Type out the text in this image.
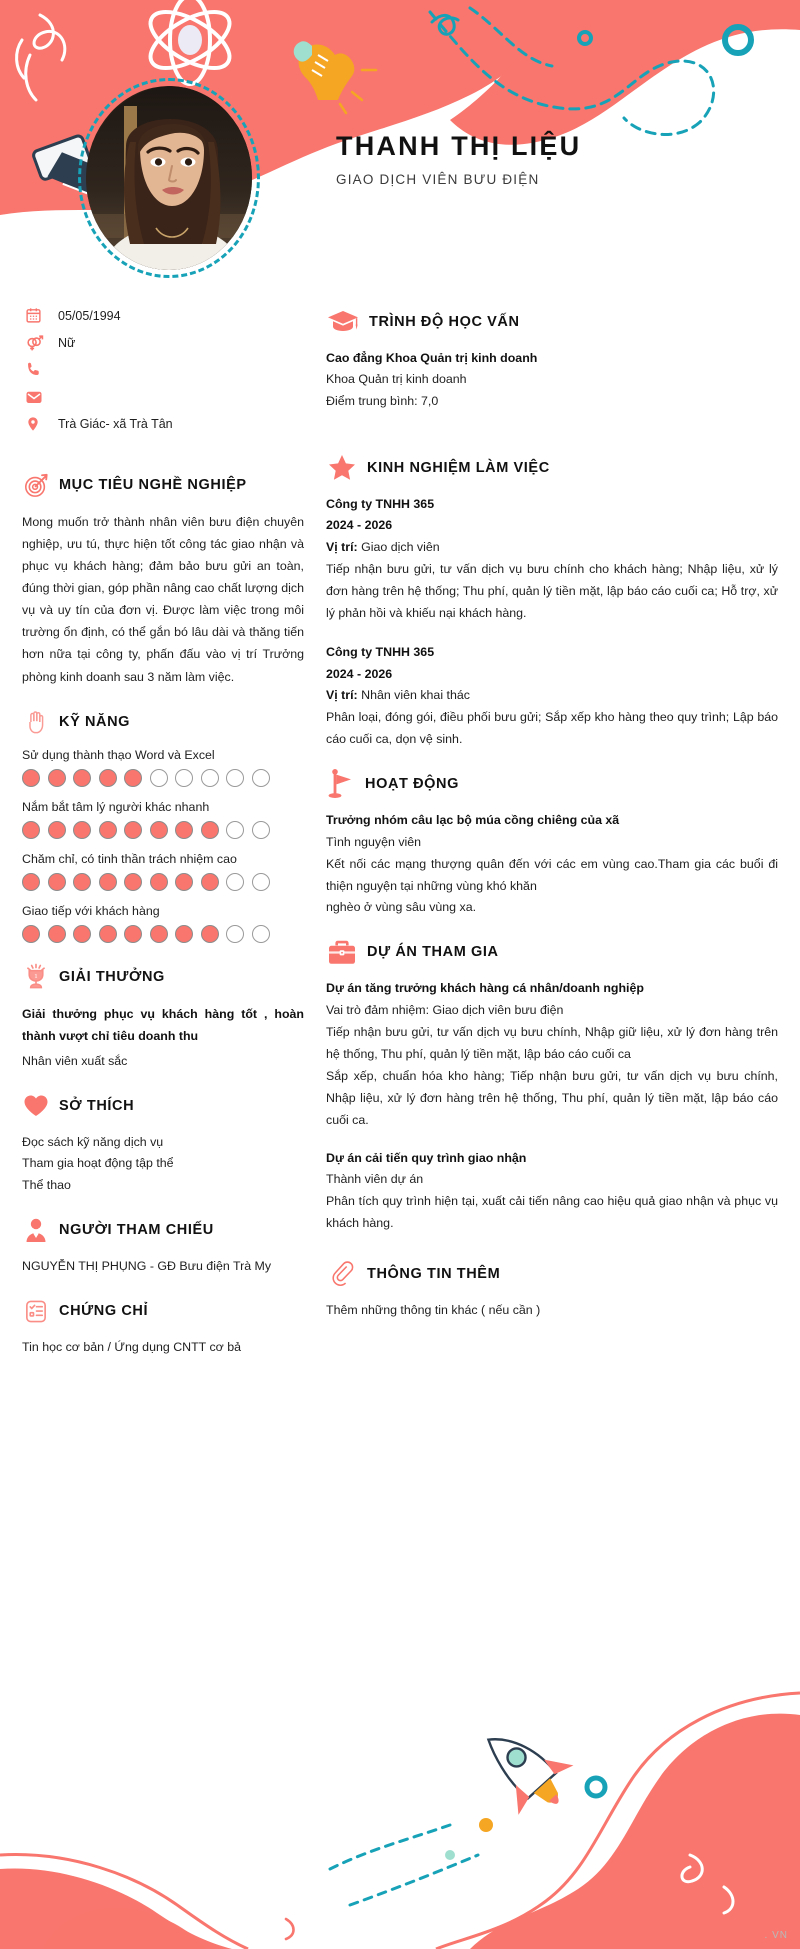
THANH THỊ LIỆU
GIAO DỊCH VIÊN BƯU ĐIỆN
05/05/1994
Nữ
Trà Giác- xã Trà Tân
MỤC TIÊU NGHỀ NGHIỆP
Mong muốn trở thành nhân viên bưu điện chuyên nghiệp, ưu tú, thực hiện tốt công tác giao nhận và phục vụ khách hàng; đảm bảo bưu gửi an toàn, đúng thời gian, góp phần nâng cao chất lượng dịch vụ và uy tín của đơn vị. Được làm việc trong môi trường ổn định, có thể gắn bó lâu dài và thăng tiến hơn nữa tại công ty, phấn đấu vào vị trí Trưởng phòng kinh doanh sau 3 năm làm việc.
KỸ NĂNG
Sử dụng thành thạo Word và Excel
Nắm bắt tâm lý người khác nhanh
Chăm chỉ, có tinh thần trách nhiệm cao
Giao tiếp với khách hàng
1 GIẢI THƯỞNG
Giải thưởng phục vụ khách hàng tốt , hoàn thành vượt chỉ tiêu doanh thu
Nhân viên xuất sắc
SỞ THÍCH
Đọc sách kỹ năng dịch vụ
Tham gia hoạt động tập thể
Thể thao
NGƯỜI THAM CHIẾU
NGUYỄN THỊ PHỤNG - GĐ Bưu điện Trà My
CHỨNG CHỈ
Tin học cơ bản / Ứng dụng CNTT cơ bả
TRÌNH ĐỘ HỌC VẤN
Cao đẳng Khoa Quản trị kinh doanh
Khoa Quản trị kinh doanh
Điểm trung bình: 7,0
KINH NGHIỆM LÀM VIỆC
Công ty TNHH 365
2024 - 2026
Vị trí: Giao dịch viên
Tiếp nhận bưu gửi, tư vấn dịch vụ bưu chính cho khách hàng; Nhập liệu, xử lý đơn hàng trên hệ thống; Thu phí, quản lý tiền mặt, lập báo cáo cuối ca; Hỗ trợ, xử lý phản hồi và khiếu nại khách hàng.
Công ty TNHH 365
2024 - 2026
Vị trí: Nhân viên khai thác
Phân loại, đóng gói, điều phối bưu gửi; Sắp xếp kho hàng theo quy trình; Lập báo cáo cuối ca, dọn vệ sinh.
HOẠT ĐỘNG
Trưởng nhóm câu lạc bộ múa cồng chiêng của xã
Tình nguyện viên
Kết nối các mạng thượng quân đến với các em vùng cao.Tham gia các buổi đi thiện nguyện tại những vùng khó khăn
nghèo ở vùng sâu vùng xa.
DỰ ÁN THAM GIA
Dự án tăng trưởng khách hàng cá nhân/doanh nghiệp
Vai trò đảm nhiệm: Giao dịch viên bưu điện
Tiếp nhận bưu gửi, tư vấn dịch vụ bưu chính, Nhập giữ liệu, xử lý đơn hàng trên hệ thống, Thu phí, quản lý tiền mặt, lập báo cáo cuối ca
Sắp xếp, chuẩn hóa kho hàng; Tiếp nhận bưu gửi, tư vấn dịch vụ bưu chính, Nhập liệu, xử lý đơn hàng trên hệ thống, Thu phí, quản lý tiền mặt, lập báo cáo cuối ca.
Dự án cải tiến quy trình giao nhận
Thành viên dự án
Phân tích quy trình hiện tại, xuất cải tiến nâng cao hiệu quả giao nhận và phục vụ khách hàng.
THÔNG TIN THÊM
Thêm những thông tin khác ( nếu cần )
. VN
